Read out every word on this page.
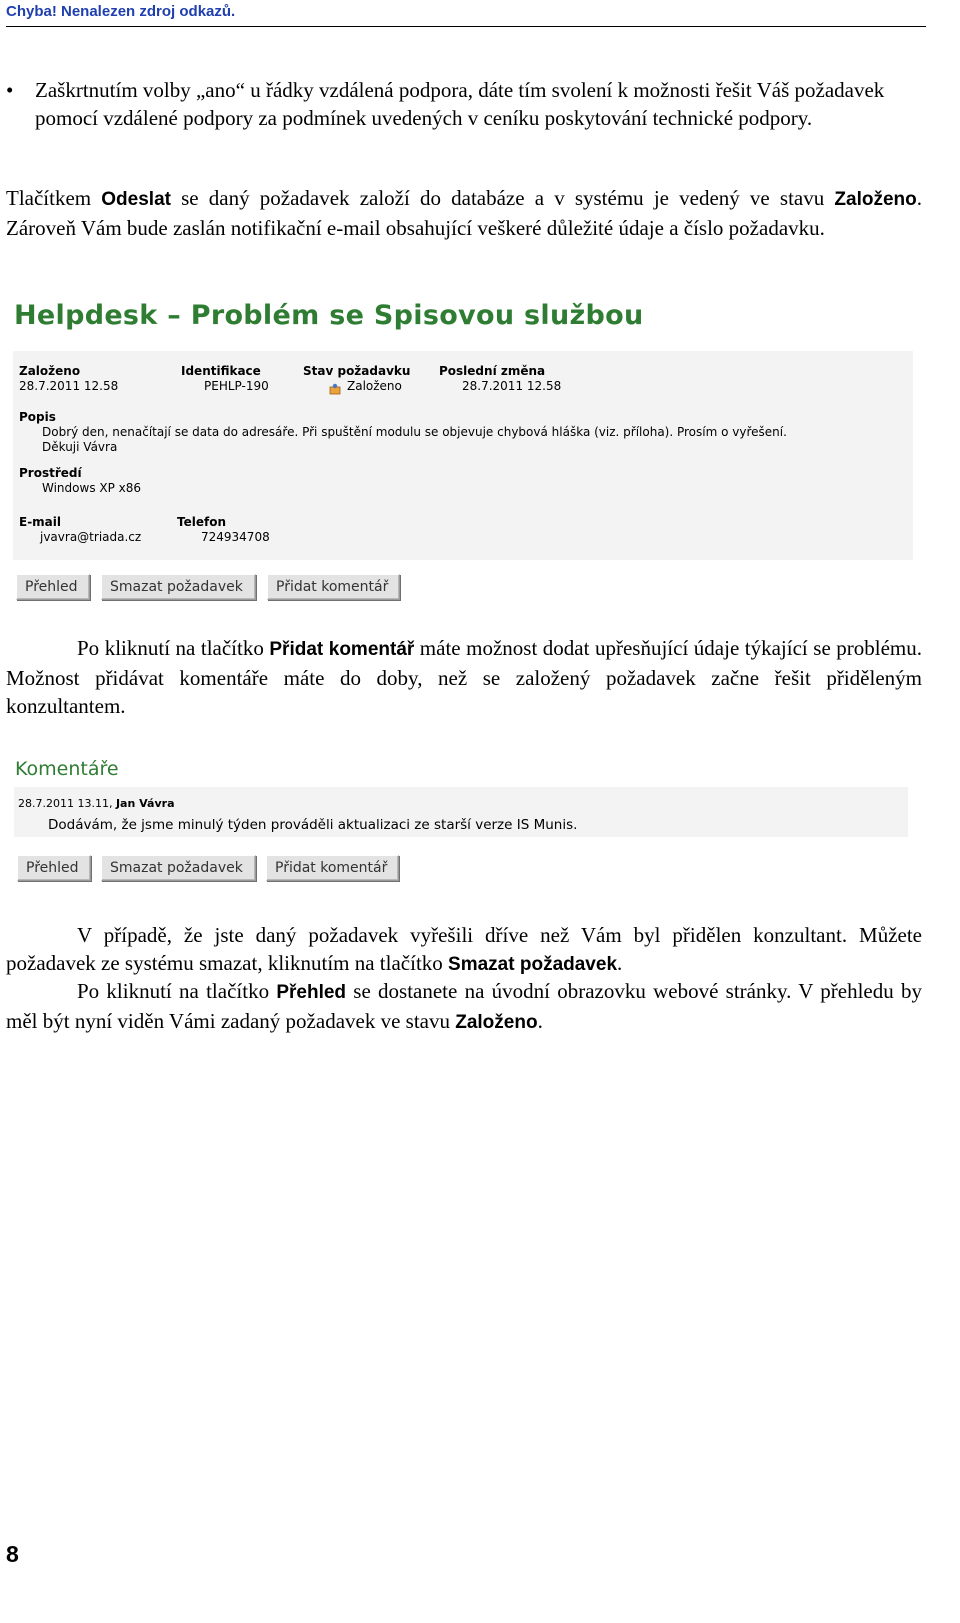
Chyba! Nenalezen zdroj odkazů.
• Zaškrtnutím volby „ano“ u řádky vzdálená podpora, dáte tím svolení k možnosti řešit Váš požadavek pomocí vzdálené podpory za podmínek uvedených v ceníku poskytování technické podpory.
Tlačítkem Odeslat se daný požadavek založí do databáze a v systému je vedený ve stavu Založeno. Zároveň Vám bude zaslán notifikační e-mail obsahující veškeré důležité údaje a číslo požadavku.
Helpdesk – Problém se Spisovou službou
Založeno
28.7.2011 12.58
Identifikace
PEHLP-190
Stav požadavku
Založeno
Poslední změna
28.7.2011 12.58
Popis
Dobrý den, nenačítají se data do adresáře. Při spuštění modulu se objevuje chybová hláška (viz. příloha). Prosím o vyřešení.
Děkuji Vávra
Prostředí
Windows XP x86
E-mail
jvavra@triada.cz
Telefon
724934708
Přehled	Smazat požadavek	Přidat komentář
Po kliknutí na tlačítko Přidat komentář máte možnost dodat upřesňující údaje týkající se problému. Možnost přidávat komentáře máte do doby, než se založený požadavek začne řešit přiděleným konzultantem.
Komentáře
28.7.2011 13.11, Jan Vávra
Dodávám, že jsme minulý týden prováděli aktualizaci ze starší verze IS Munis.
Přehled	Smazat požadavek	Přidat komentář
V případě, že jste daný požadavek vyřešili dříve než Vám byl přidělen konzultant. Můžete požadavek ze systému smazat, kliknutím na tlačítko Smazat požadavek.
Po kliknutí na tlačítko Přehled se dostanete na úvodní obrazovku webové stránky. V přehledu by měl být nyní viděn Vámi zadaný požadavek ve stavu Založeno.
8
